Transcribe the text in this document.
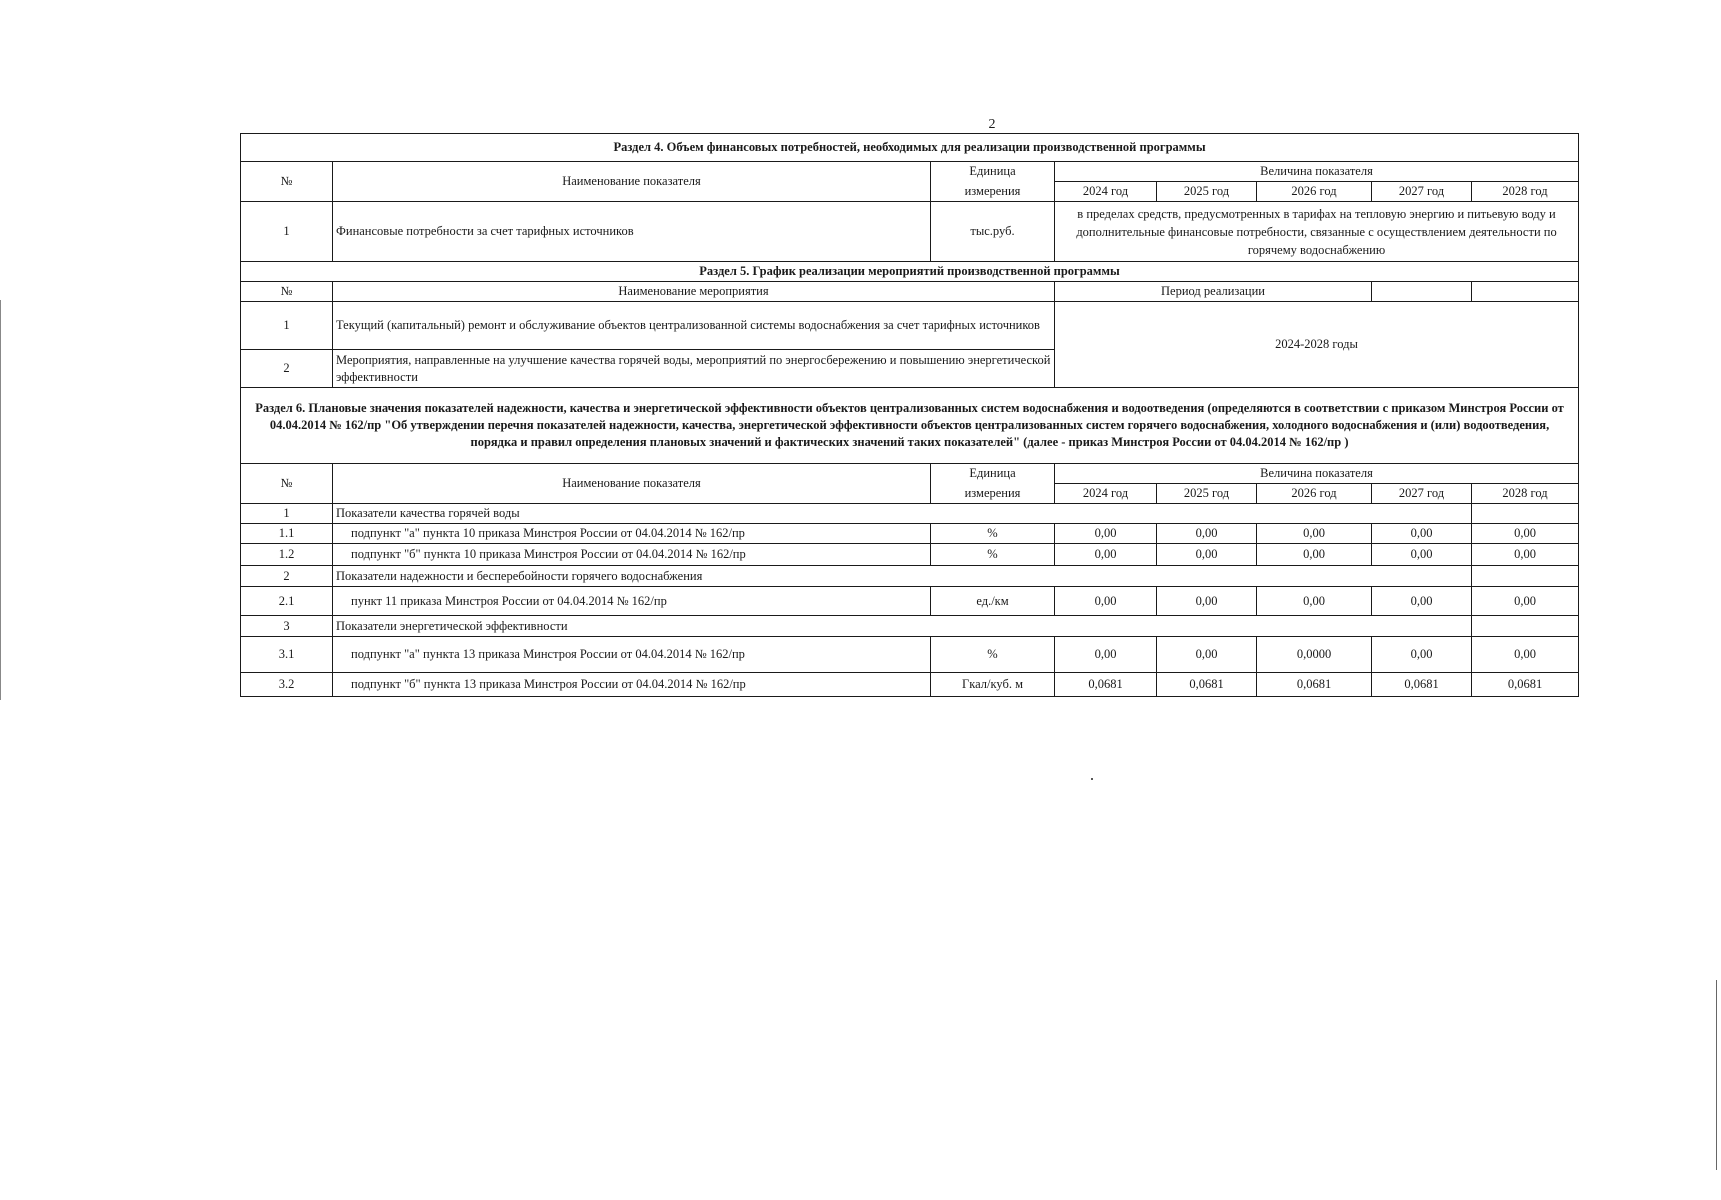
2
Раздел 4. Объем финансовых потребностей, необходимых для реализации производственной программы							
№	Наименование показателя	Единица	Величина показателя				
		измерения	2024 год	2025 год	2026 год	2027 год	2028 год
1	Финансовые потребности за счет тарифных источников	тыс.руб.	в пределах средств, предусмотренных в тарифах на тепловую энергию и питьевую воду и дополнительные финансовые потребности, связанные с осуществлением деятельности по горячему водоснабжению				
Раздел 5. График реализации мероприятий производственной программы							
№	Наименование мероприятия		Период реализации				
1	Текущий (капитальный) ремонт и обслуживание объектов централизованной системы водоснабжения за счет тарифных источников		2024-2028 годы				
2	Мероприятия, направленные на улучшение качества горячей воды, мероприятий по энергосбережению и повышению энергетической эффективности						
Раздел 6. Плановые значения показателей надежности, качества и энергетической эффективности объектов централизованных систем водоснабжения и водоотведения (определяются в соответствии с приказом Минстроя России от 04.04.2014 № 162/пр "Об утверждении перечня показателей надежности, качества, энергетической эффективности объектов централизованных систем горячего водоснабжения, холодного водоснабжения и (или) водоотведения, порядка и правил определения плановых значений и фактических значений таких показателей" (далее - приказ Минстроя России от 04.04.2014 № 162/пр )							
№	Наименование показателя	Единица	Величина показателя				
		измерения	2024 год	2025 год	2026 год	2027 год	2028 год
1	Показатели качества горячей воды						
1.1	подпункт "а" пункта 10 приказа Минстроя России от 04.04.2014 № 162/пр	%	0,00	0,00	0,00	0,00	0,00
1.2	подпункт "б" пункта 10 приказа Минстроя России от 04.04.2014 № 162/пр	%	0,00	0,00	0,00	0,00	0,00
2	Показатели надежности и бесперебойности горячего водоснабжения						
2.1	пункт 11 приказа Минстроя России от 04.04.2014 № 162/пр	ед./км	0,00	0,00	0,00	0,00	0,00
3	Показатели энергетической эффективности						
3.1	подпункт "а" пункта 13 приказа Минстроя России от 04.04.2014 № 162/пр	%	0,00	0,00	0,0000	0,00	0,00
3.2	подпункт "б" пункта 13 приказа Минстроя России от 04.04.2014 № 162/пр	Гкал/куб. м	0,0681	0,0681	0,0681	0,0681	0,0681
